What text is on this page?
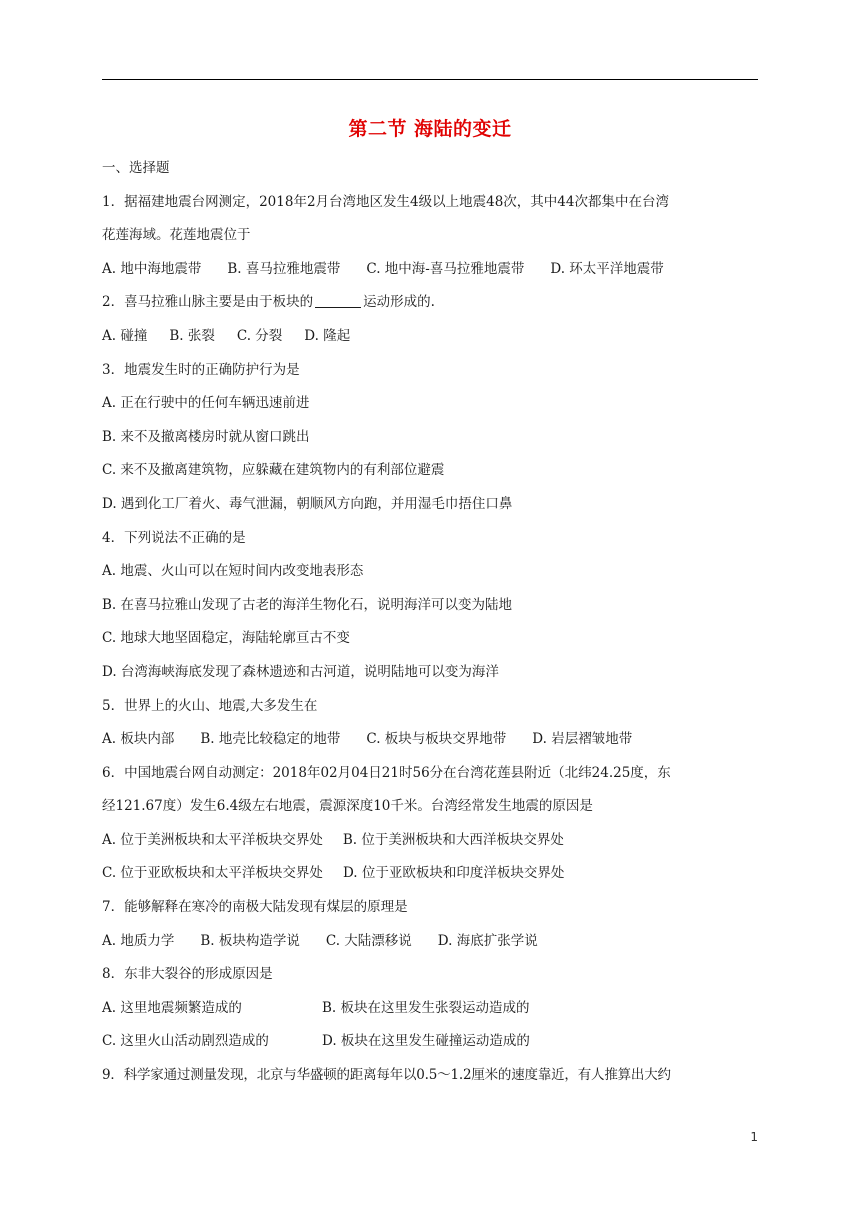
第二节 海陆的变迁
一、选择题
1．据福建地震台网测定，2018年2月台湾地区发生4级以上地震48次，其中44次都集中在台湾
花莲海域。花莲地震位于
A. 地中海地震带 B. 喜马拉雅地震带 C. 地中海-喜马拉雅地震带 D. 环太平洋地震带
2．喜马拉雅山脉主要是由于板块的	运动形成的.
A. 碰撞 B. 张裂 C. 分裂 D. 隆起
3．地震发生时的正确防护行为是
A. 正在行驶中的任何车辆迅速前进
B. 来不及撤离楼房时就从窗口跳出
C. 来不及撤离建筑物，应躲藏在建筑物内的有利部位避震
D. 遇到化工厂着火、毒气泄漏，朝顺风方向跑，并用湿毛巾捂住口鼻
4．下列说法不正确的是
A. 地震、火山可以在短时间内改变地表形态
B. 在喜马拉雅山发现了古老的海洋生物化石，说明海洋可以变为陆地
C. 地球大地坚固稳定，海陆轮廓亘古不变
D. 台湾海峡海底发现了森林遗迹和古河道，说明陆地可以变为海洋
5．世界上的火山、地震,大多发生在
A. 板块内部 B. 地壳比较稳定的地带 C. 板块与板块交界地带 D. 岩层褶皱地带
6．中国地震台网自动测定：2018年02月04日21时56分在台湾花莲县附近（北纬24.25度，东
经121.67度）发生6.4级左右地震，震源深度10千米。台湾经常发生地震的原因是
A. 位于美洲板块和太平洋板块交界处 B. 位于美洲板块和大西洋板块交界处
C. 位于亚欧板块和太平洋板块交界处 D. 位于亚欧板块和印度洋板块交界处
7．能够解释在寒冷的南极大陆发现有煤层的原理是
A. 地质力学 B. 板块构造学说 C. 大陆漂移说 D. 海底扩张学说
8．东非大裂谷的形成原因是
A. 这里地震频繁造成的	B. 板块在这里发生张裂运动造成的
C. 这里火山活动剧烈造成的	D. 板块在这里发生碰撞运动造成的
9．科学家通过测量发现，北京与华盛顿的距离每年以0.5～1.2厘米的速度靠近，有人推算出大约
1
